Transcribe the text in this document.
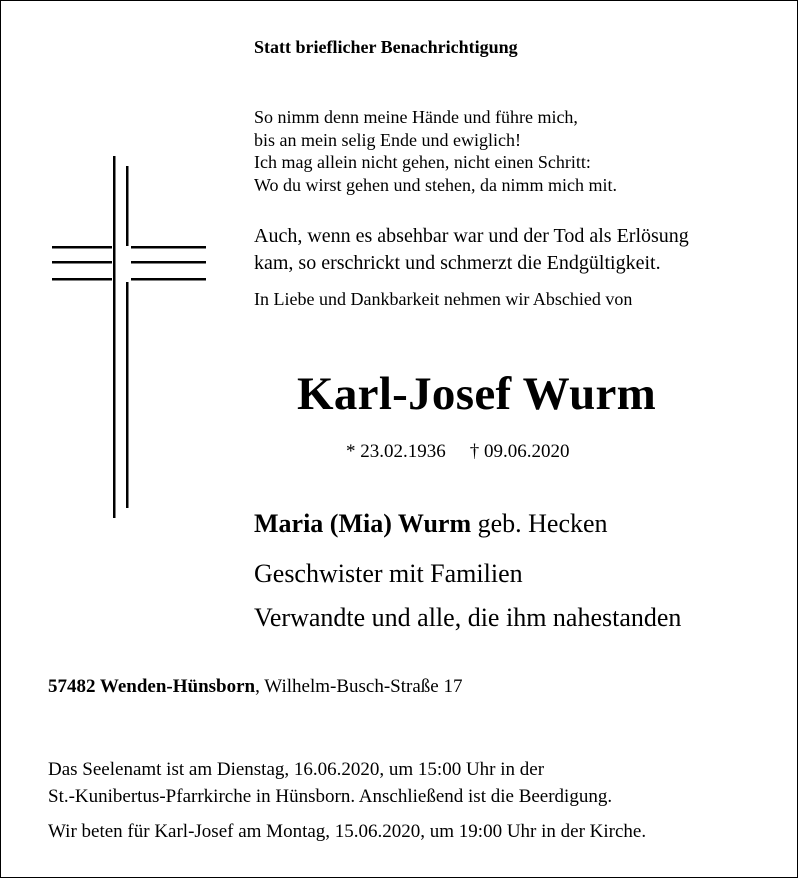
Statt brieflicher Benachrichtigung
So nimm denn meine Hände und führe mich,
bis an mein selig Ende und ewiglich!
Ich mag allein nicht gehen, nicht einen Schritt:
Wo du wirst gehen und stehen, da nimm mich mit.
Auch, wenn es absehbar war und der Tod als Erlösung
kam, so erschrickt und schmerzt die Endgültigkeit.
In Liebe und Dankbarkeit nehmen wir Abschied von
Karl-Josef Wurm
* 23.02.1936 † 09.06.2020
Maria (Mia) Wurm geb. Hecken
Geschwister mit Familien
Verwandte und alle, die ihm nahestanden
57482 Wenden-Hünsborn, Wilhelm-Busch-Straße 17
Das Seelenamt ist am Dienstag, 16.06.2020, um 15:00 Uhr in der
St.-Kunibertus-Pfarrkirche in Hünsborn. Anschließend ist die Beerdigung.
Wir beten für Karl-Josef am Montag, 15.06.2020, um 19:00 Uhr in der Kirche.
